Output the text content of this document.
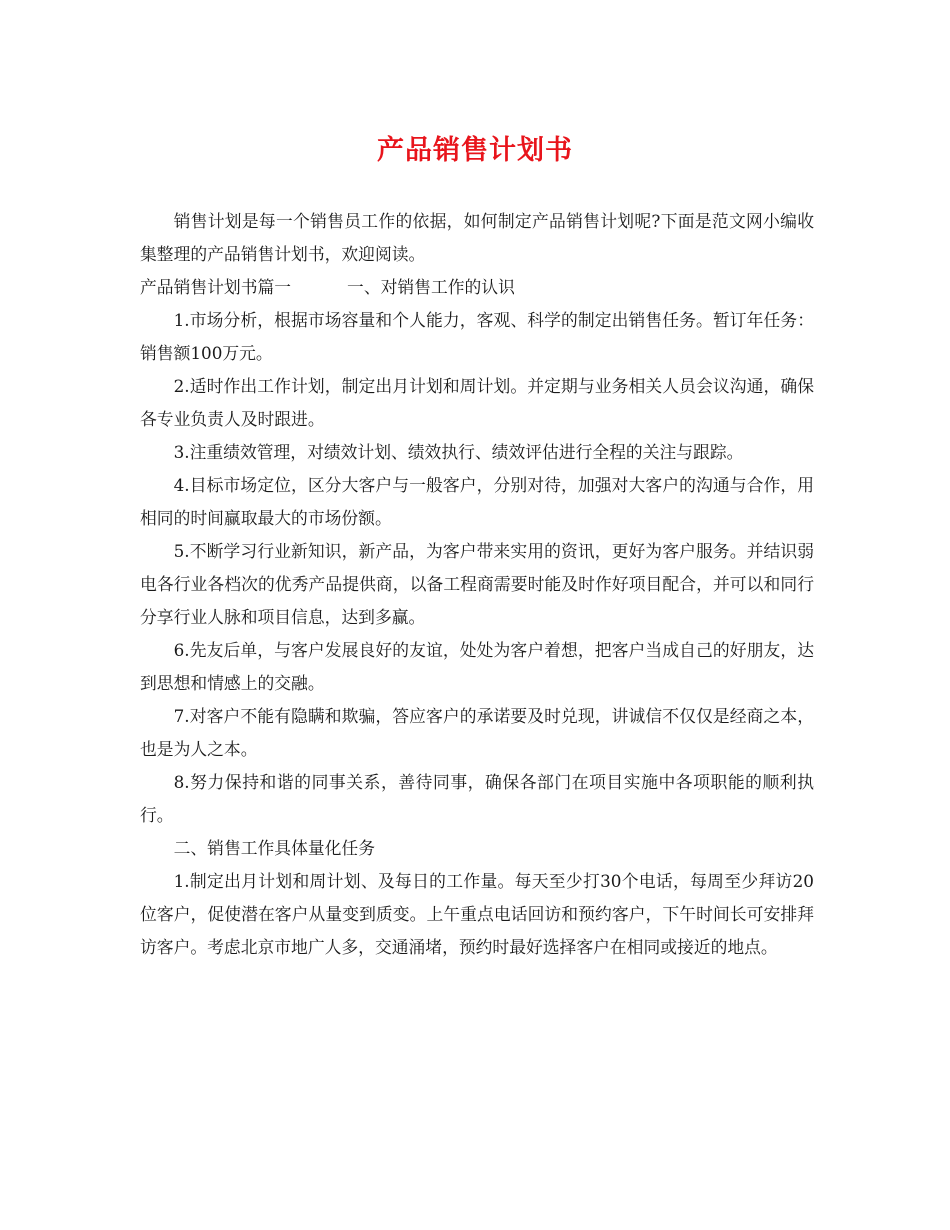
产品销售计划书

销售计划是每一个销售员工作的依据，如何制定产品销售计划呢?下面是范文网小编收集整理的产品销售计划书，欢迎阅读。

产品销售计划书篇一	一、对销售工作的认识

1.市场分析，根据市场容量和个人能力，客观、科学的制定出销售任务。暂订年任务：销售额100万元。

2.适时作出工作计划，制定出月计划和周计划。并定期与业务相关人员会议沟通，确保各专业负责人及时跟进。

3.注重绩效管理，对绩效计划、绩效执行、绩效评估进行全程的关注与跟踪。

4.目标市场定位，区分大客户与一般客户，分别对待，加强对大客户的沟通与合作，用相同的时间赢取最大的市场份额。

5.不断学习行业新知识，新产品，为客户带来实用的资讯，更好为客户服务。并结识弱电各行业各档次的优秀产品提供商，以备工程商需要时能及时作好项目配合，并可以和同行分享行业人脉和项目信息，达到多赢。

6.先友后单，与客户发展良好的友谊，处处为客户着想，把客户当成自己的好朋友，达到思想和情感上的交融。

7.对客户不能有隐瞒和欺骗，答应客户的承诺要及时兑现，讲诚信不仅仅是经商之本，也是为人之本。

8.努力保持和谐的同事关系，善待同事，确保各部门在项目实施中各项职能的顺利执行。

二、销售工作具体量化任务

1.制定出月计划和周计划、及每日的工作量。每天至少打30个电话，每周至少拜访20位客户，促使潜在客户从量变到质变。上午重点电话回访和预约客户，下午时间长可安排拜访客户。考虑北京市地广人多，交通涌堵，预约时最好选择客户在相同或接近的地点。
